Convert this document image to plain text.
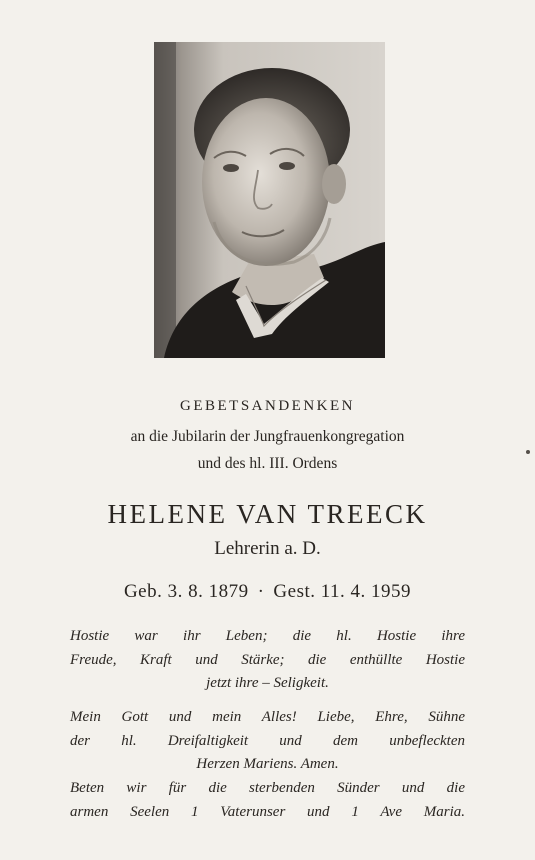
GEBETSANDENKEN
an die Jubilarin der Jungfrauenkongregation
und des hl. III. Ordens
HELENE VAN TREECK
Lehrerin a. D.
Geb. 3. 8. 1879 · Gest. 11. 4. 1959
Hostie war ihr Leben; die hl. Hostie ihre
Freude, Kraft und Stärke; die enthüllte Hostie
jetzt ihre – Seligkeit.
Mein Gott und mein Alles! Liebe, Ehre, Sühne
der hl. Dreifaltigkeit und dem unbefleckten
Herzen Mariens. Amen.
Beten wir für die sterbenden Sünder und die
armen Seelen 1 Vaterunser und 1 Ave Maria.
